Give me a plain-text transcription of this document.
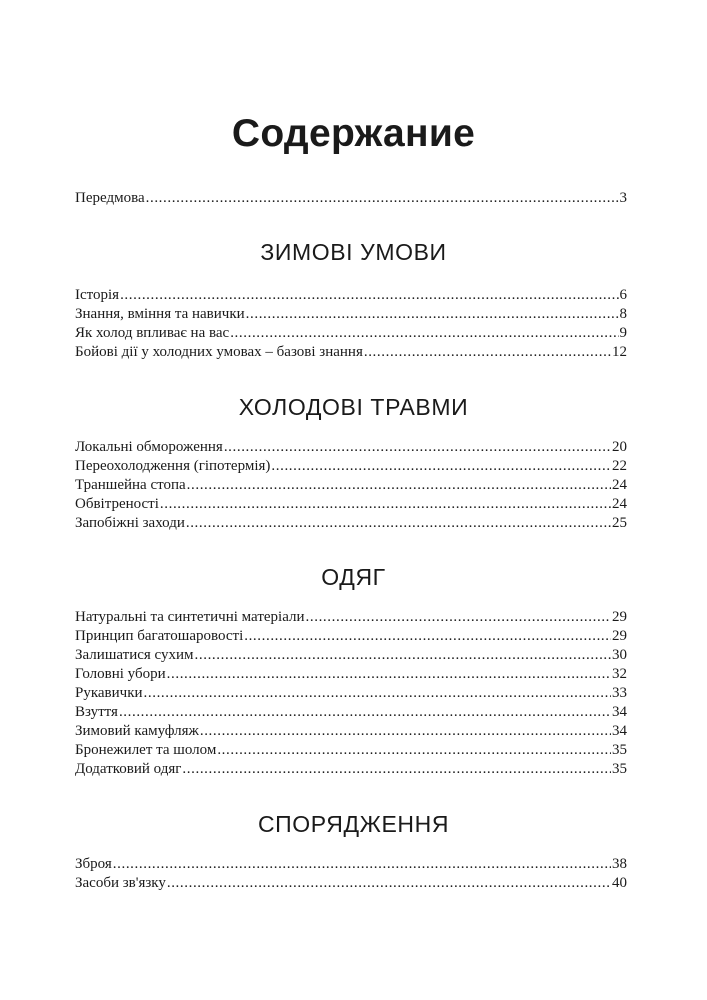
Содержание
Передмова .....	3
ЗИМОВІ УМОВИ
Історія .....	6
Знання, вміння та навички .....	8
Як холод впливає на вас .....	9
Бойові дії у холодних умовах – базові знання .....	12
ХОЛОДОВІ ТРАВМИ
Локальні обмороження .....	20
Переохолодження (гіпотермія) .....	22
Траншейна стопа .....	24
Обвітреності .....	24
Запобіжні заходи .....	25
ОДЯГ
Натуральні та синтетичні матеріали .....	29
Принцип багатошаровості .....	29
Залишатися сухим .....	30
Головні убори .....	32
Рукавички .....	33
Взуття .....	34
Зимовий камуфляж .....	34
Бронежилет та шолом .....	35
Додатковий одяг .....	35
СПОРЯДЖЕННЯ
Зброя .....	38
Засоби зв'язку .....	40
